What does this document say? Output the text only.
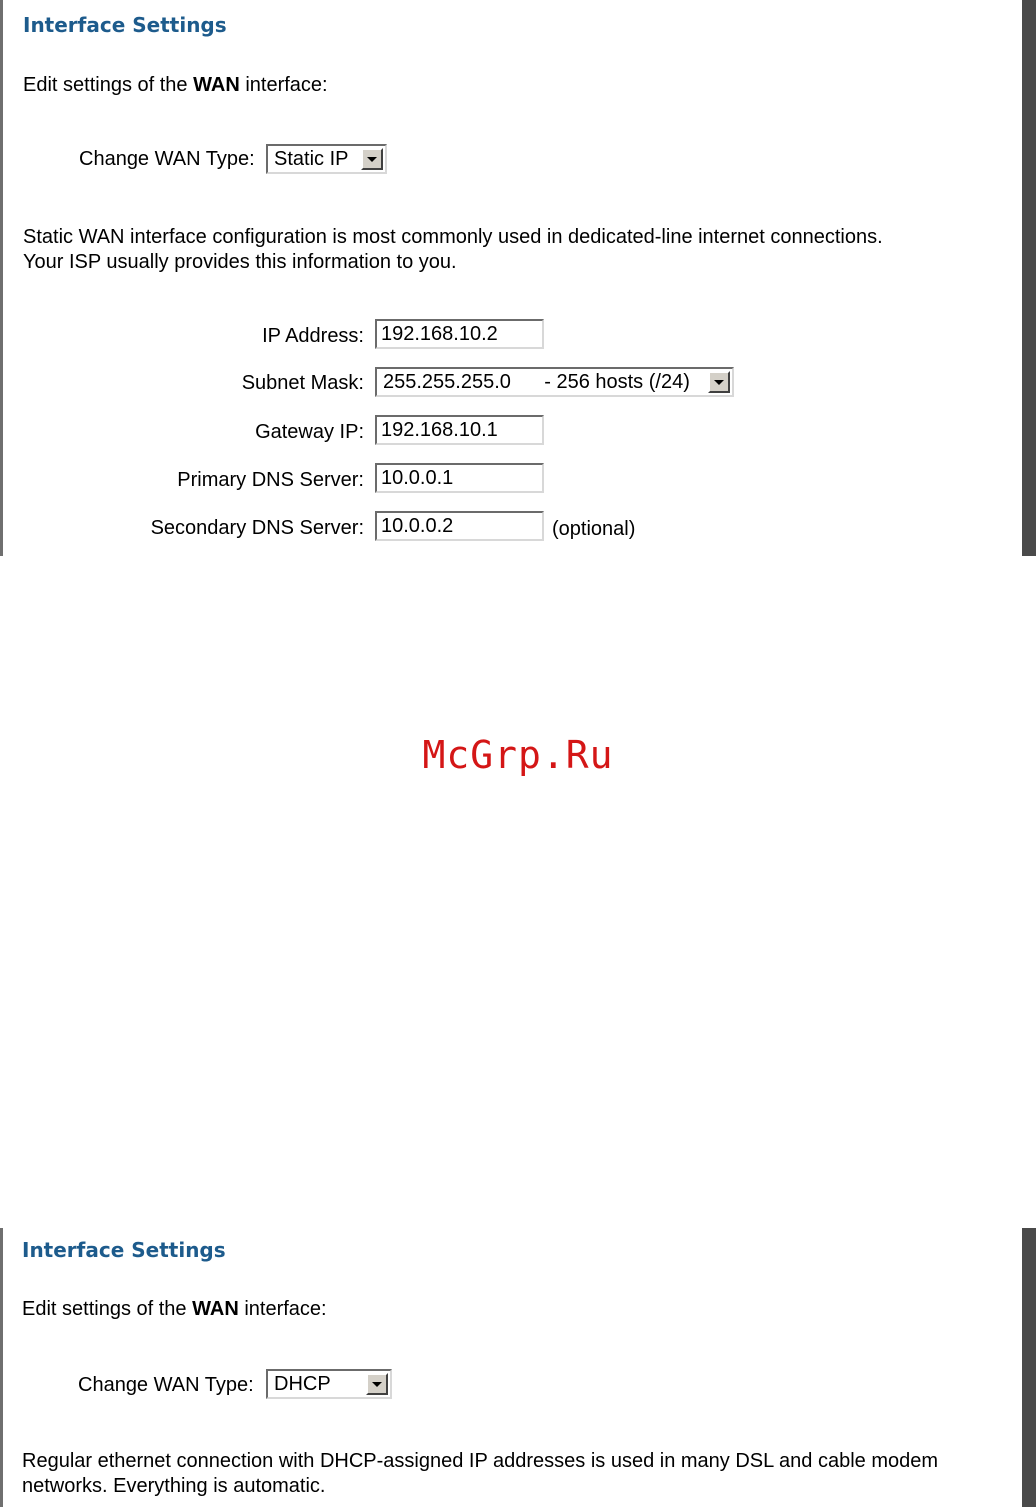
Interface Settings
Edit settings of the WAN interface:
Change WAN Type: Static IP
Static WAN interface configuration is most commonly used in dedicated-line internet connections.
Your ISP usually provides this information to you.
IP Address: 192.168.10.2
Subnet Mask: 255.255.255.0      - 256 hosts (/24)
Gateway IP: 192.168.10.1
Primary DNS Server: 10.0.0.1
Secondary DNS Server: 10.0.0.2	(optional)
McGrp.Ru
Interface Settings
Edit settings of the WAN interface:
Change WAN Type:	DHCP
Regular ethernet connection with DHCP-assigned IP addresses is used in many DSL and cable modem
networks. Everything is automatic.
